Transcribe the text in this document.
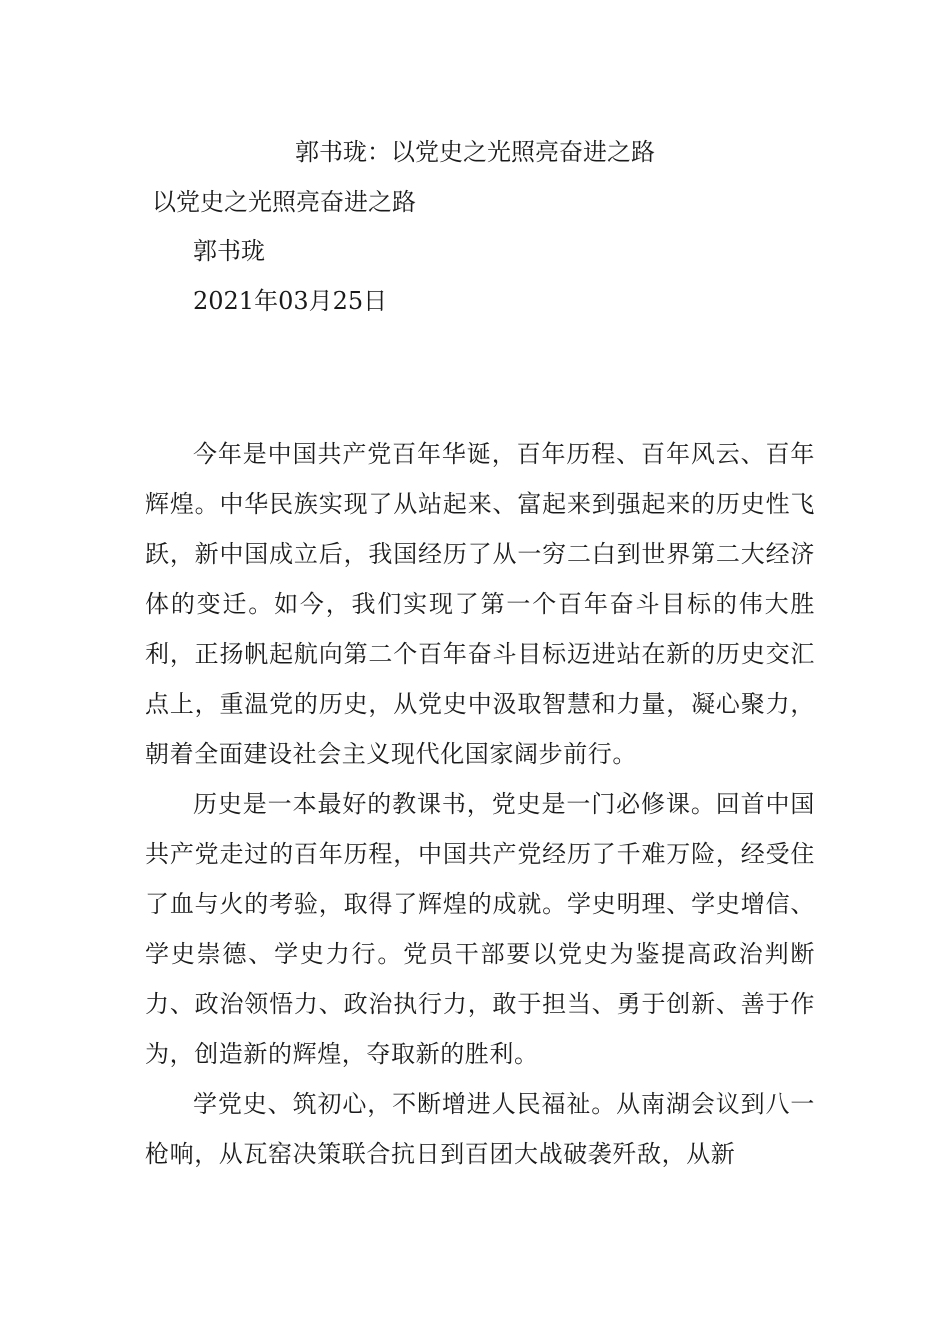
郭书珑：以党史之光照亮奋进之路
以党史之光照亮奋进之路
郭书珑
2021年03月25日

今年是中国共产党百年华诞，百年历程、百年风云、百年辉煌。中华民族实现了从站起来、富起来到强起来的历史性飞跃，新中国成立后，我国经历了从一穷二白到世界第二大经济体的变迁。如今，我们实现了第一个百年奋斗目标的伟大胜利，正扬帆起航向第二个百年奋斗目标迈进站在新的历史交汇点上，重温党的历史，从党史中汲取智慧和力量，凝心聚力，朝着全面建设社会主义现代化国家阔步前行。

历史是一本最好的教课书，党史是一门必修课。回首中国共产党走过的百年历程，中国共产党经历了千难万险，经受住了血与火的考验，取得了辉煌的成就。学史明理、学史增信、学史崇德、学史力行。党员干部要以党史为鉴提高政治判断力、政治领悟力、政治执行力，敢于担当、勇于创新、善于作为，创造新的辉煌，夺取新的胜利。

学党史、筑初心，不断增进人民福祉。从南湖会议到八一枪响，从瓦窑决策联合抗日到百团大战破袭歼敌，从新
